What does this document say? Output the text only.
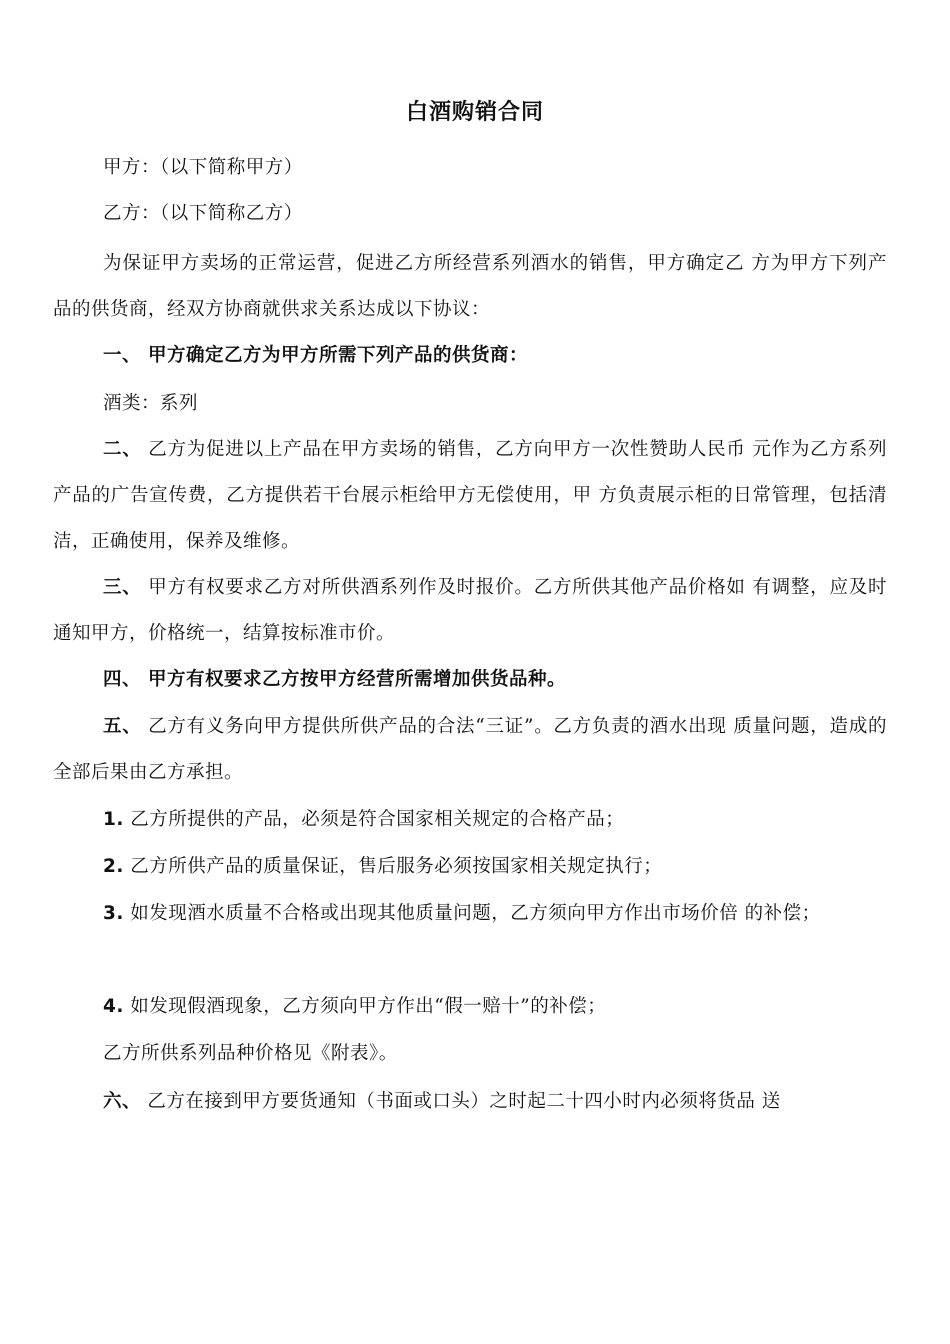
白酒购销合同

甲方：（以下简称甲方）

乙方：（以下简称乙方）

为保证甲方卖场的正常运营，促进乙方所经营系列酒水的销售，甲方确定乙 方为甲方下列产品的供货商，经双方协商就供求关系达成以下协议：

一、 甲方确定乙方为甲方所需下列产品的供货商：

酒类：系列

二、 乙方为促进以上产品在甲方卖场的销售，乙方向甲方一次性赞助人民币 元作为乙方系列产品的广告宣传费，乙方提供若干台展示柜给甲方无偿使用，甲 方负责展示柜的日常管理，包括清洁，正确使用，保养及维修。

三、 甲方有权要求乙方对所供酒系列作及时报价。乙方所供其他产品价格如 有调整，应及时通知甲方，价格统一，结算按标准市价。

四、 甲方有权要求乙方按甲方经营所需增加供货品种。

五、 乙方有义务向甲方提供所供产品的合法“三证”。乙方负责的酒水出现 质量问题，造成的全部后果由乙方承担。

1. 乙方所提供的产品，必须是符合国家相关规定的合格产品；

2. 乙方所供产品的质量保证，售后服务必须按国家相关规定执行；

3. 如发现酒水质量不合格或出现其他质量问题，乙方须向甲方作出市场价倍 的补偿；

4. 如发现假酒现象，乙方须向甲方作出“假一赔十”的补偿；

乙方所供系列品种价格见《附表》。

六、 乙方在接到甲方要货通知（书面或口头）之时起二十四小时内必须将货品 送
